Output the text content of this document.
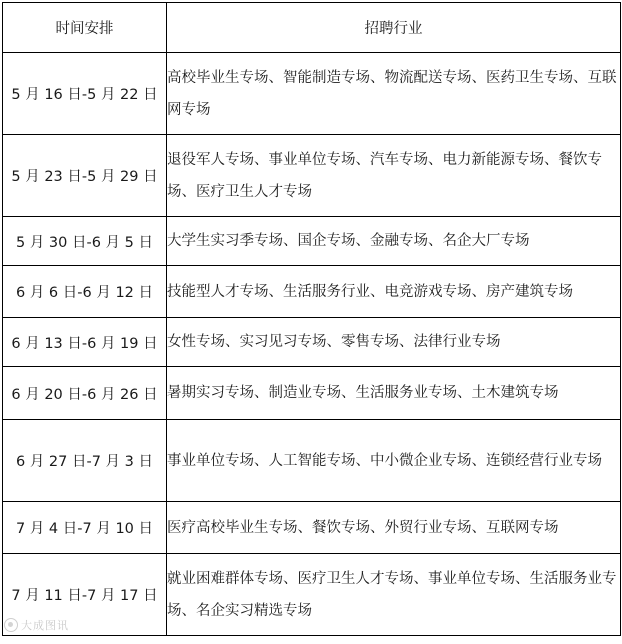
时间安排	招聘行业
5 月 16 日-5 月 22 日	高校毕业生专场、智能制造专场、物流配送专场、医药卫生专场、互联网专场
5 月 23 日-5 月 29 日	退役军人专场、事业单位专场、汽车专场、电力新能源专场、餐饮专场、医疗卫生人才专场
5 月 30 日-6 月 5 日	大学生实习季专场、国企专场、金融专场、名企大厂专场
6 月 6 日-6 月 12 日	技能型人才专场、生活服务行业、电竞游戏专场、房产建筑专场
6 月 13 日-6 月 19 日	女性专场、实习见习专场、零售专场、法律行业专场
6 月 20 日-6 月 26 日	暑期实习专场、制造业专场、生活服务业专场、土木建筑专场
6 月 27 日-7 月 3 日	事业单位专场、人工智能专场、中小微企业专场、连锁经营行业专场
7 月 4 日-7 月 10 日	医疗高校毕业生专场、餐饮专场、外贸行业专场、互联网专场
7 月 11 日-7 月 17 日	就业困难群体专场、医疗卫生人才专场、事业单位专场、生活服务业专场、名企实习精选专场
大成图讯
